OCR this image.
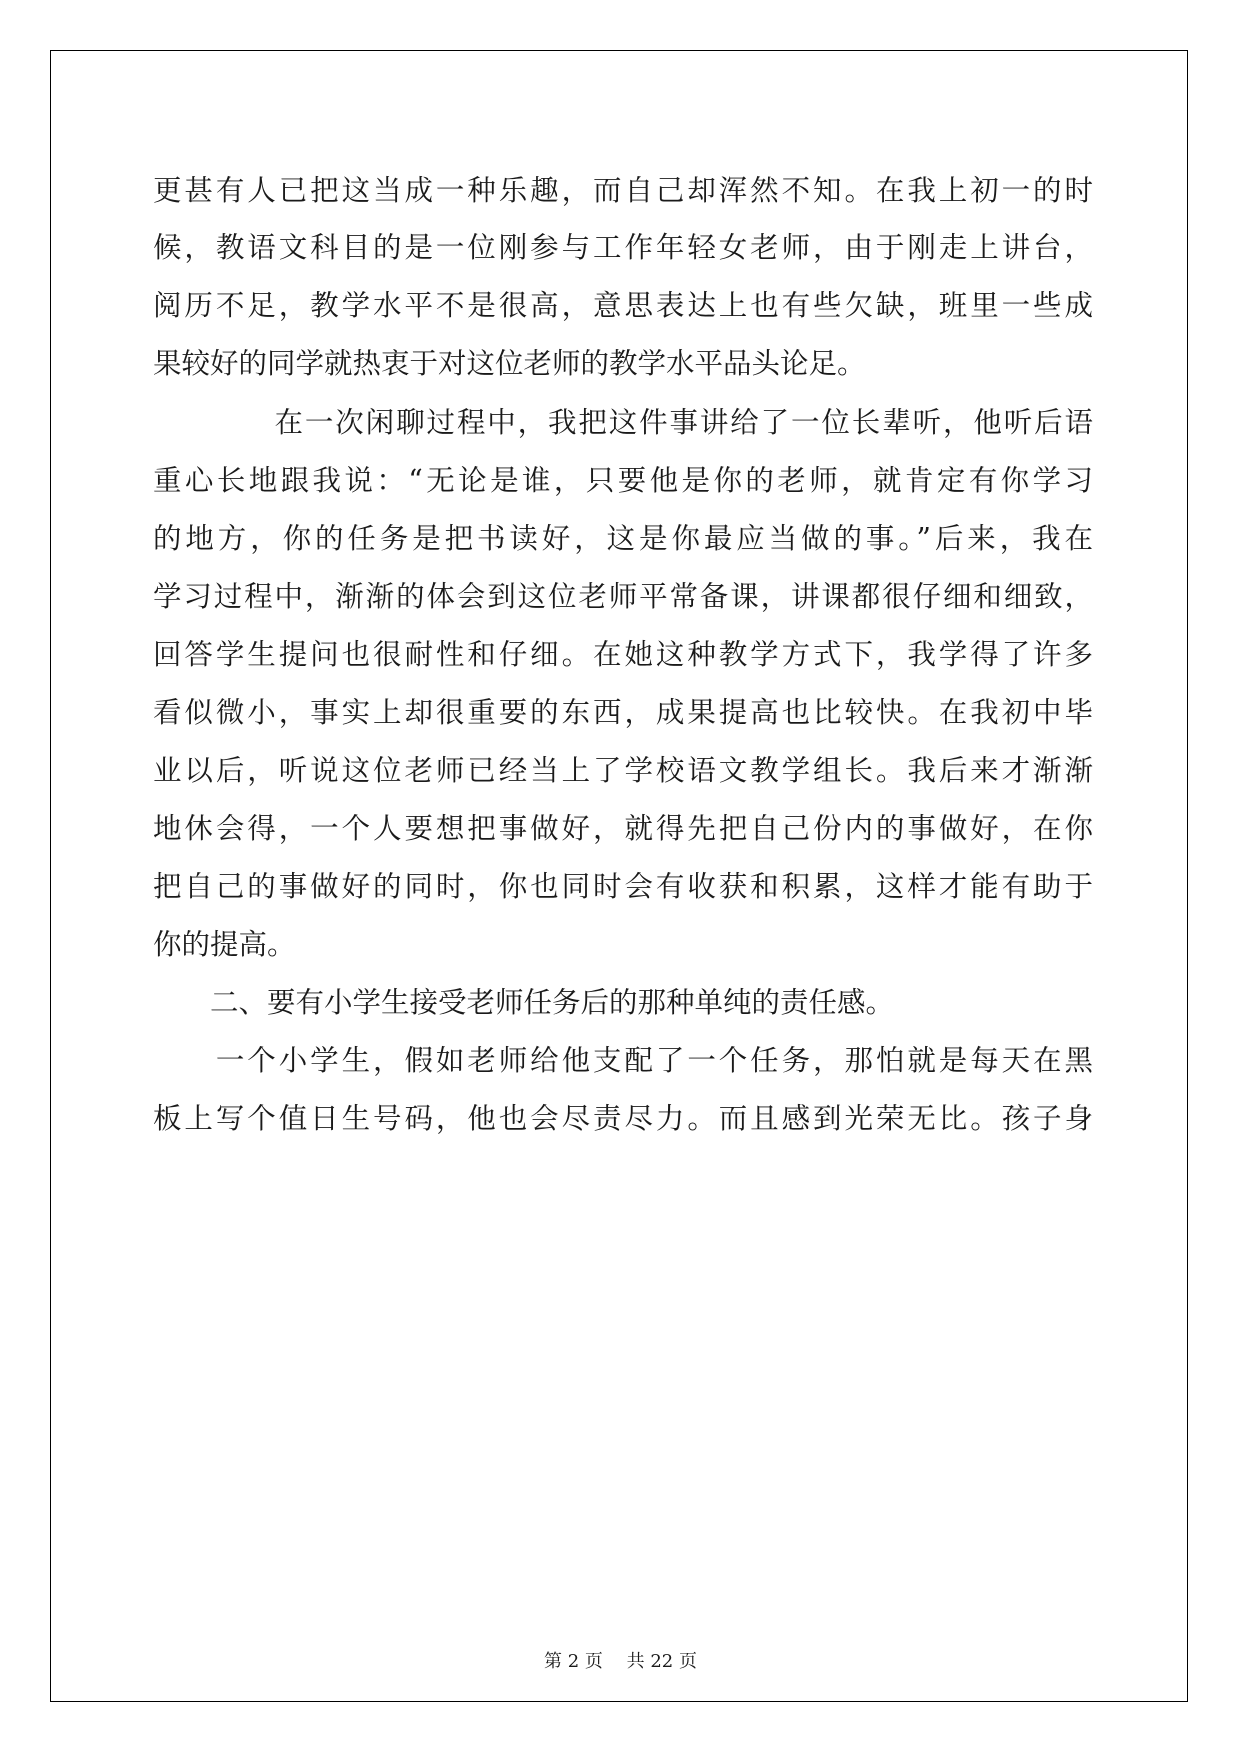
更甚有人已把这当成一种乐趣，而自己却浑然不知。在我上初一的时
候，教语文科目的是一位刚参与工作年轻女老师，由于刚走上讲台，
阅历不足，教学水平不是很高，意思表达上也有些欠缺，班里一些成
果较好的同学就热衷于对这位老师的教学水平品头论足。
　　　　在一次闲聊过程中，我把这件事讲给了一位长辈听，他听后语
重心长地跟我说：“无论是谁，只要他是你的老师，就肯定有你学习
的地方，你的任务是把书读好，这是你最应当做的事。”后来，我在
学习过程中，渐渐的体会到这位老师平常备课，讲课都很仔细和细致，
回答学生提问也很耐性和仔细。在她这种教学方式下，我学得了许多
看似微小，事实上却很重要的东西，成果提高也比较快。在我初中毕
业以后，听说这位老师已经当上了学校语文教学组长。我后来才渐渐
地休会得，一个人要想把事做好，就得先把自己份内的事做好，在你
把自己的事做好的同时，你也同时会有收获和积累，这样才能有助于
你的提高。
　　二、要有小学生接受老师任务后的那种单纯的责任感。
　　一个小学生，假如老师给他支配了一个任务，那怕就是每天在黑
板上写个值日生号码，他也会尽责尽力。而且感到光荣无比。孩子身
第 2 页　 共 22 页
